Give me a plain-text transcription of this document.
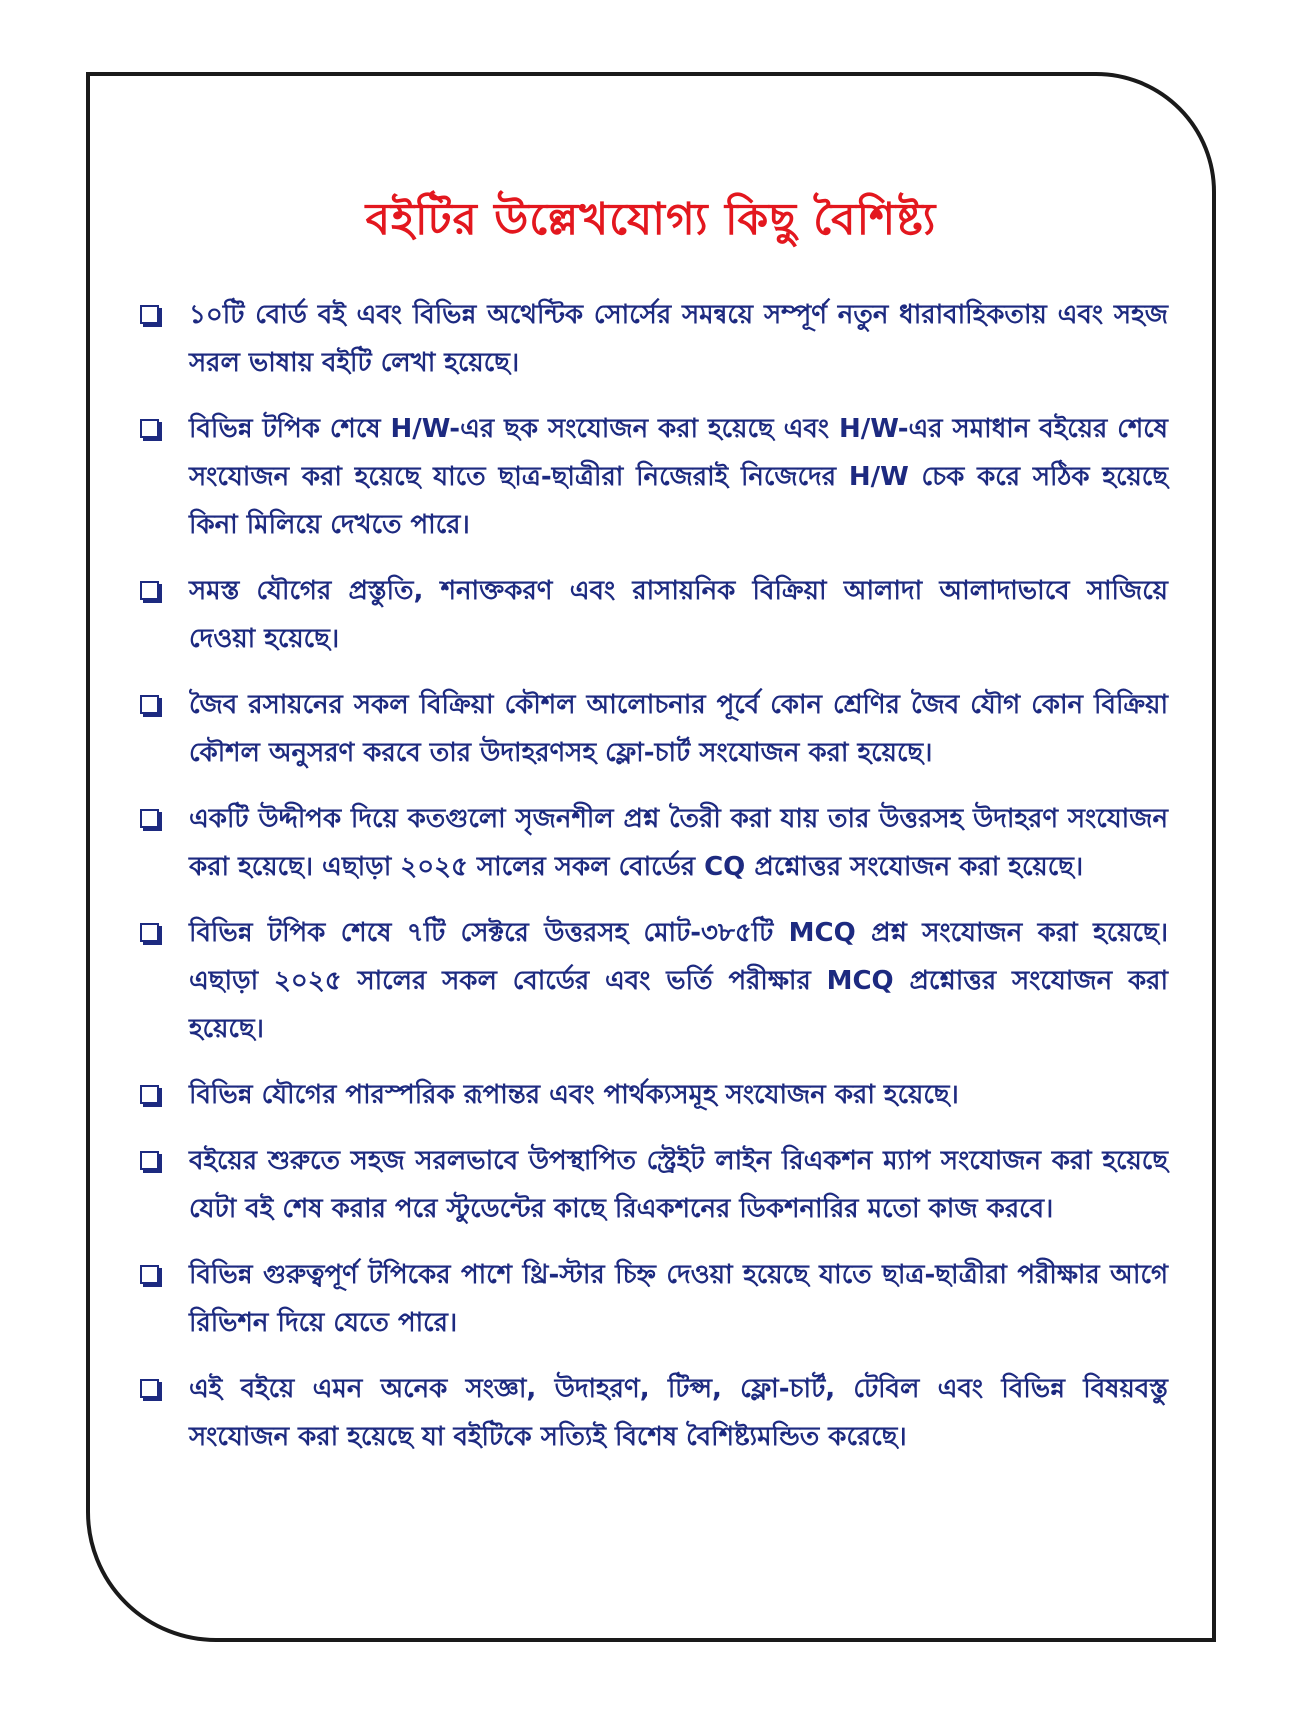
বইটির উল্লেখযোগ্য কিছু বৈশিষ্ট্য
১০টি বোর্ড বই এবং বিভিন্ন অথেন্টিক সোর্সের সমন্বয়ে সম্পূর্ণ নতুন ধারাবাহিকতায় এবং সহজ সরল ভাষায় বইটি লেখা হয়েছে।
বিভিন্ন টপিক শেষে H/W-এর ছক সংযোজন করা হয়েছে এবং H/W-এর সমাধান বইয়ের শেষে সংযোজন করা হয়েছে যাতে ছাত্র-ছাত্রীরা নিজেরাই নিজেদের H/W চেক করে সঠিক হয়েছে কিনা মিলিয়ে দেখতে পারে।
সমস্ত যৌগের প্রস্তুতি, শনাক্তকরণ এবং রাসায়নিক বিক্রিয়া আলাদা আলাদাভাবে সাজিয়ে দেওয়া হয়েছে।
জৈব রসায়নের সকল বিক্রিয়া কৌশল আলোচনার পূর্বে কোন শ্রেণির জৈব যৌগ কোন বিক্রিয়া কৌশল অনুসরণ করবে তার উদাহরণসহ ফ্লো-চার্ট সংযোজন করা হয়েছে।
একটি উদ্দীপক দিয়ে কতগুলো সৃজনশীল প্রশ্ন তৈরী করা যায় তার উত্তরসহ উদাহরণ সংযোজন করা হয়েছে। এছাড়া ২০২৫ সালের সকল বোর্ডের CQ প্রশ্নোত্তর সংযোজন করা হয়েছে।
বিভিন্ন টপিক শেষে ৭টি সেক্টরে উত্তরসহ মোট-৩৮৫টি MCQ প্রশ্ন সংযোজন করা হয়েছে। এছাড়া ২০২৫ সালের সকল বোর্ডের এবং ভর্তি পরীক্ষার MCQ প্রশ্নোত্তর সংযোজন করা হয়েছে।
বিভিন্ন যৌগের পারস্পরিক রূপান্তর এবং পার্থক্যসমূহ সংযোজন করা হয়েছে।
বইয়ের শুরুতে সহজ সরলভাবে উপস্থাপিত স্ট্রেইট লাইন রিএকশন ম্যাপ সংযোজন করা হয়েছে যেটা বই শেষ করার পরে স্টুডেন্টের কাছে রিএকশনের ডিকশনারির মতো কাজ করবে।
বিভিন্ন গুরুত্বপূর্ণ টপিকের পাশে থ্রি-স্টার চিহ্ন দেওয়া হয়েছে যাতে ছাত্র-ছাত্রীরা পরীক্ষার আগে রিভিশন দিয়ে যেতে পারে।
এই বইয়ে এমন অনেক সংজ্ঞা, উদাহরণ, টিপ্স, ফ্লো-চার্ট, টেবিল এবং বিভিন্ন বিষয়বস্তু সংযোজন করা হয়েছে যা বইটিকে সত্যিই বিশেষ বৈশিষ্ট্যমন্ডিত করেছে।
